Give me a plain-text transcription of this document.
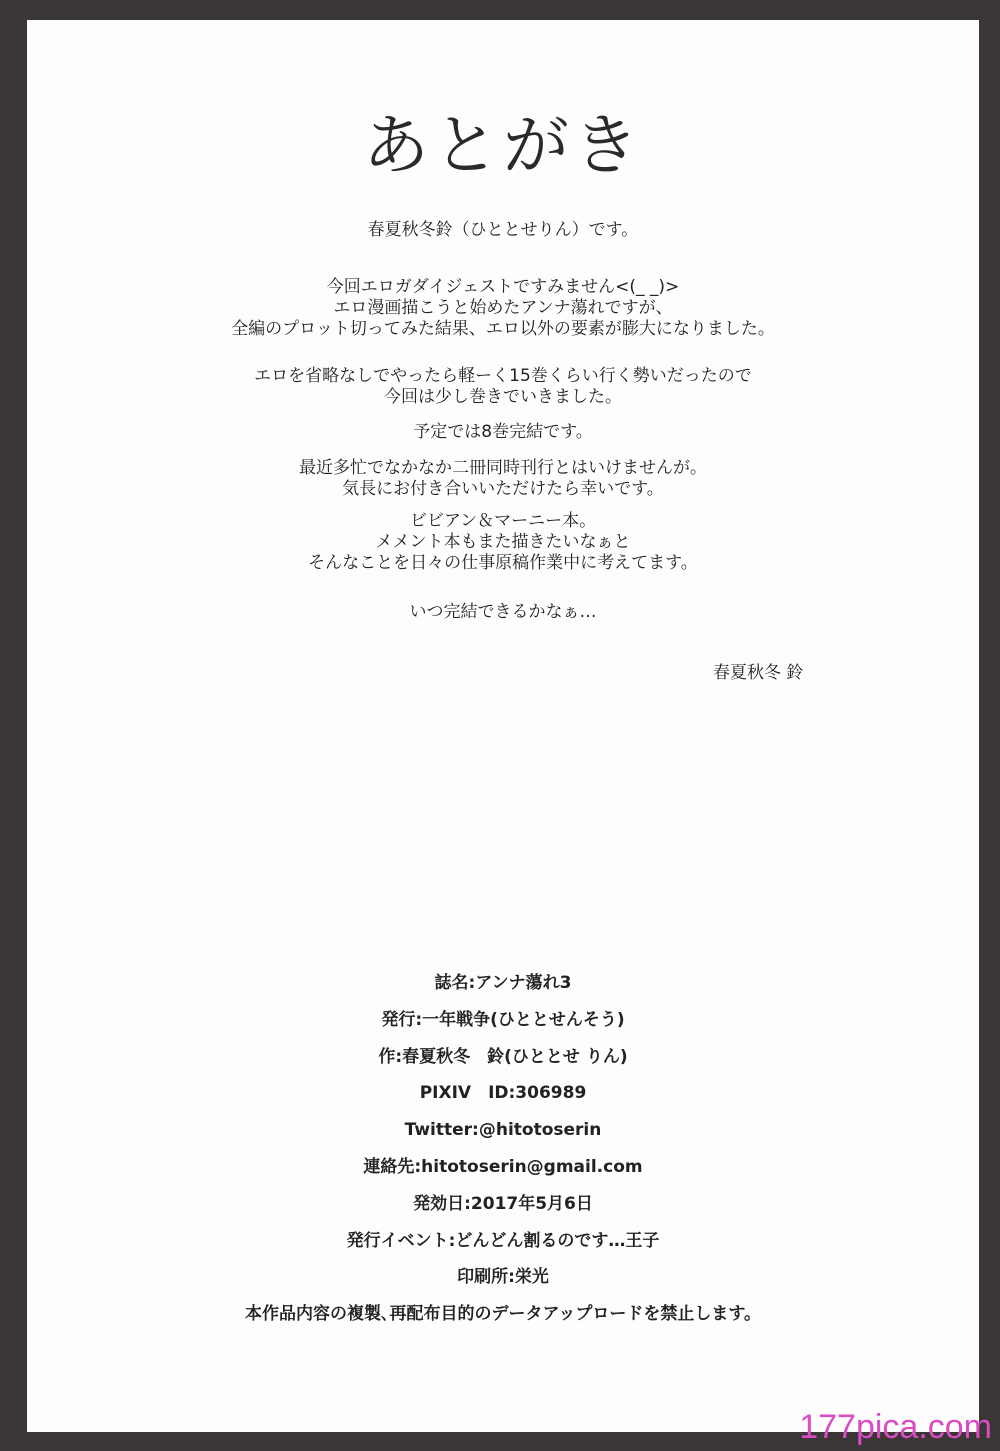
あとがき
春夏秋冬鈴（ひととせりん）です。
今回エロガダイジェストですみません<(_ _)>
エロ漫画描こうと始めたアンナ蕩れですが、
全編のプロット切ってみた結果、エロ以外の要素が膨大になりました。
エロを省略なしでやったら軽ーく15巻くらい行く勢いだったので
今回は少し巻きでいきました。
予定では8巻完結です。
最近多忙でなかなか二冊同時刊行とはいけませんが。
気長にお付き合いいただけたら幸いです。
ビビアン＆マーニー本。
メメント本もまた描きたいなぁと
そんなことを日々の仕事原稿作業中に考えてます。
いつ完結できるかなぁ…
春夏秋冬 鈴
誌名:アンナ蕩れ3
発行:一年戦争(ひととせんそう)
作:春夏秋冬　鈴(ひととせ りん)
PIXIV　ID:306989
Twitter:@hitotoserin
連絡先:hitotoserin@gmail.com
発効日:2017年5月6日
発行イベント:どんどん割るのです…王子
印刷所:栄光
本作品内容の複製､再配布目的のデータアップロードを禁止します。
177pica.com
